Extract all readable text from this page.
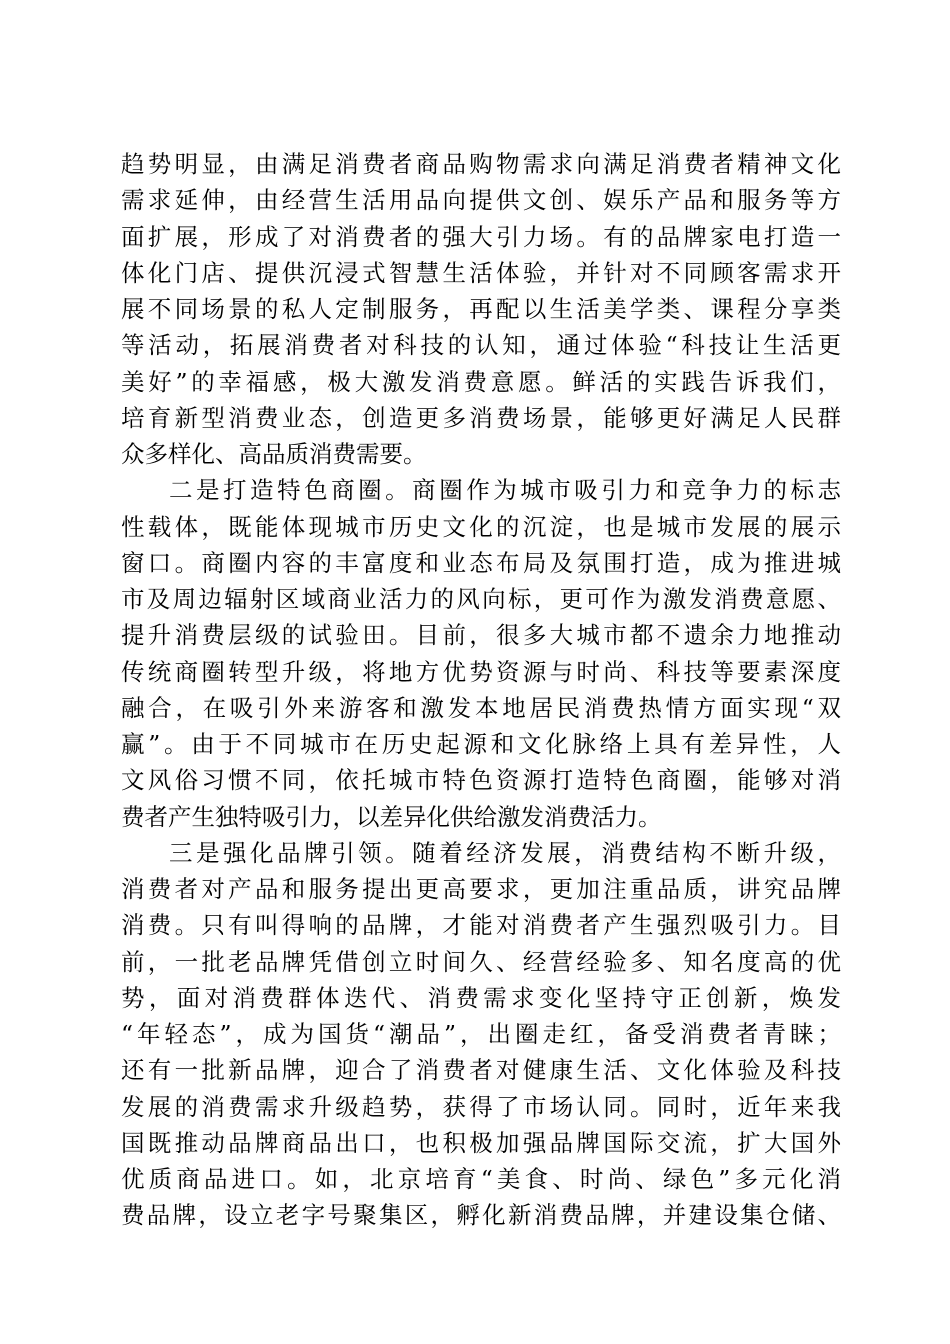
趋势明显，由满足消费者商品购物需求向满足消费者精神文化
需求延伸，由经营生活用品向提供文创、娱乐产品和服务等方
面扩展，形成了对消费者的强大引力场。有的品牌家电打造一
体化门店、提供沉浸式智慧生活体验，并针对不同顾客需求开
展不同场景的私人定制服务，再配以生活美学类、课程分享类
等活动，拓展消费者对科技的认知，通过体验“科技让生活更
美好”的幸福感，极大激发消费意愿。鲜活的实践告诉我们，
培育新型消费业态，创造更多消费场景，能够更好满足人民群
众多样化、高品质消费需要。
二是打造特色商圈。商圈作为城市吸引力和竞争力的标志
性载体，既能体现城市历史文化的沉淀，也是城市发展的展示
窗口。商圈内容的丰富度和业态布局及氛围打造，成为推进城
市及周边辐射区域商业活力的风向标，更可作为激发消费意愿、
提升消费层级的试验田。目前，很多大城市都不遗余力地推动
传统商圈转型升级，将地方优势资源与时尚、科技等要素深度
融合，在吸引外来游客和激发本地居民消费热情方面实现“双
赢”。由于不同城市在历史起源和文化脉络上具有差异性，人
文风俗习惯不同，依托城市特色资源打造特色商圈，能够对消
费者产生独特吸引力，以差异化供给激发消费活力。
三是强化品牌引领。随着经济发展，消费结构不断升级，
消费者对产品和服务提出更高要求，更加注重品质，讲究品牌
消费。只有叫得响的品牌，才能对消费者产生强烈吸引力。目
前，一批老品牌凭借创立时间久、经营经验多、知名度高的优
势，面对消费群体迭代、消费需求变化坚持守正创新，焕发
“年轻态”，成为国货“潮品”，出圈走红，备受消费者青睐；
还有一批新品牌，迎合了消费者对健康生活、文化体验及科技
发展的消费需求升级趋势，获得了市场认同。同时，近年来我
国既推动品牌商品出口，也积极加强品牌国际交流，扩大国外
优质商品进口。如，北京培育“美食、时尚、绿色”多元化消
费品牌，设立老字号聚集区，孵化新消费品牌，并建设集仓储、
